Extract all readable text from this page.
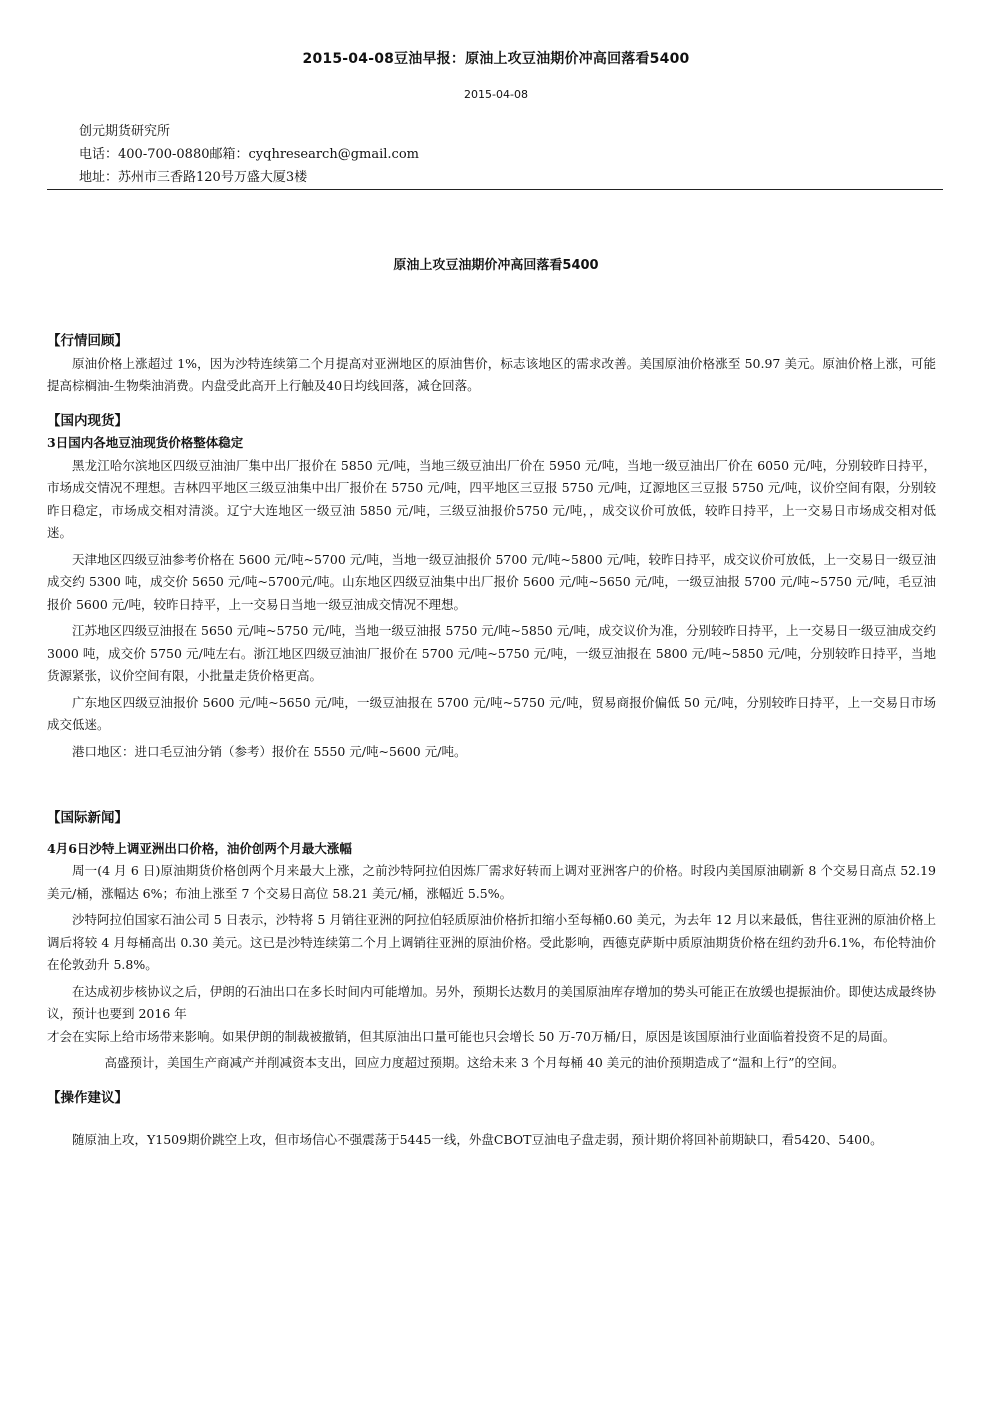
2015-04-08豆油早报：原油上攻豆油期价冲高回落看5400
2015-04-08
创元期货研究所
电话：400-700-0880邮箱：cyqhresearch@gmail.com
地址：苏州市三香路120号万盛大厦3楼
原油上攻豆油期价冲高回落看5400

【行情回顾】

原油价格上涨超过 1%，因为沙特连续第二个月提高对亚洲地区的原油售价，标志该地区的需求改善。美国原油价格涨至 50.97 美元。原油价格上涨，可能提高棕榈油-生物柴油消费。内盘受此高开上行触及40日均线回落，减仓回落。

【国内现货】

3日国内各地豆油现货价格整体稳定

黑龙江哈尔滨地区四级豆油油厂集中出厂报价在 5850 元/吨，当地三级豆油出厂价在 5950 元/吨，当地一级豆油出厂价在 6050 元/吨，分别较昨日持平，市场成交情况不理想。吉林四平地区三级豆油集中出厂报价在 5750 元/吨，四平地区三豆报 5750 元/吨，辽源地区三豆报 5750 元/吨，议价空间有限，分别较昨日稳定，市场成交相对清淡。辽宁大连地区一级豆油 5850 元/吨，三级豆油报价5750 元/吨，，成交议价可放低，较昨日持平，上一交易日市场成交相对低迷。

天津地区四级豆油参考价格在 5600 元/吨~5700 元/吨，当地一级豆油报价 5700 元/吨~5800 元/吨，较昨日持平，成交议价可放低，上一交易日一级豆油成交约 5300 吨，成交价 5650 元/吨~5700元/吨。山东地区四级豆油集中出厂报价 5600 元/吨~5650 元/吨，一级豆油报 5700 元/吨~5750 元/吨，毛豆油报价 5600 元/吨，较昨日持平，上一交易日当地一级豆油成交情况不理想。

江苏地区四级豆油报在 5650 元/吨~5750 元/吨，当地一级豆油报 5750 元/吨~5850 元/吨，成交议价为准，分别较昨日持平，上一交易日一级豆油成交约 3000 吨，成交价 5750 元/吨左右。浙江地区四级豆油油厂报价在 5700 元/吨~5750 元/吨，一级豆油报在 5800 元/吨~5850 元/吨，分别较昨日持平，当地货源紧张，议价空间有限，小批量走货价格更高。

广东地区四级豆油报价 5600 元/吨~5650 元/吨，一级豆油报在 5700 元/吨~5750 元/吨，贸易商报价偏低 50 元/吨，分别较昨日持平，上一交易日市场成交低迷。

港口地区：进口毛豆油分销（参考）报价在 5550 元/吨~5600 元/吨。

【国际新闻】

4月6日沙特上调亚洲出口价格，油价创两个月最大涨幅

周一(4 月 6 日)原油期货价格创两个月来最大上涨，之前沙特阿拉伯因炼厂需求好转而上调对亚洲客户的价格。时段内美国原油刷新 8 个交易日高点 52.19 美元/桶，涨幅达 6%；布油上涨至 7 个交易日高位 58.21 美元/桶，涨幅近 5.5%。

沙特阿拉伯国家石油公司 5 日表示，沙特将 5 月销往亚洲的阿拉伯轻质原油价格折扣缩小至每桶0.60 美元，为去年 12 月以来最低，售往亚洲的原油价格上调后将较 4 月每桶高出 0.30 美元。这已是沙特连续第二个月上调销往亚洲的原油价格。受此影响，西德克萨斯中质原油期货价格在纽约劲升6.1%，布伦特油价在伦敦劲升 5.8%。

在达成初步核协议之后，伊朗的石油出口在多长时间内可能增加。另外，预期长达数月的美国原油库存增加的势头可能正在放缓也提振油价。即使达成最终协议，预计也要到 2016 年

才会在实际上给市场带来影响。如果伊朗的制裁被撤销，但其原油出口量可能也只会增长 50 万-70万桶/日，原因是该国原油行业面临着投资不足的局面。

高盛预计，美国生产商减产并削减资本支出，回应力度超过预期。这给未来 3 个月每桶 40 美元的油价预期造成了“温和上行”的空间。

【操作建议】

随原油上攻，Y1509期价跳空上攻，但市场信心不强震荡于5445一线，外盘CBOT豆油电子盘走弱，预计期价将回补前期缺口，看5420、5400。
